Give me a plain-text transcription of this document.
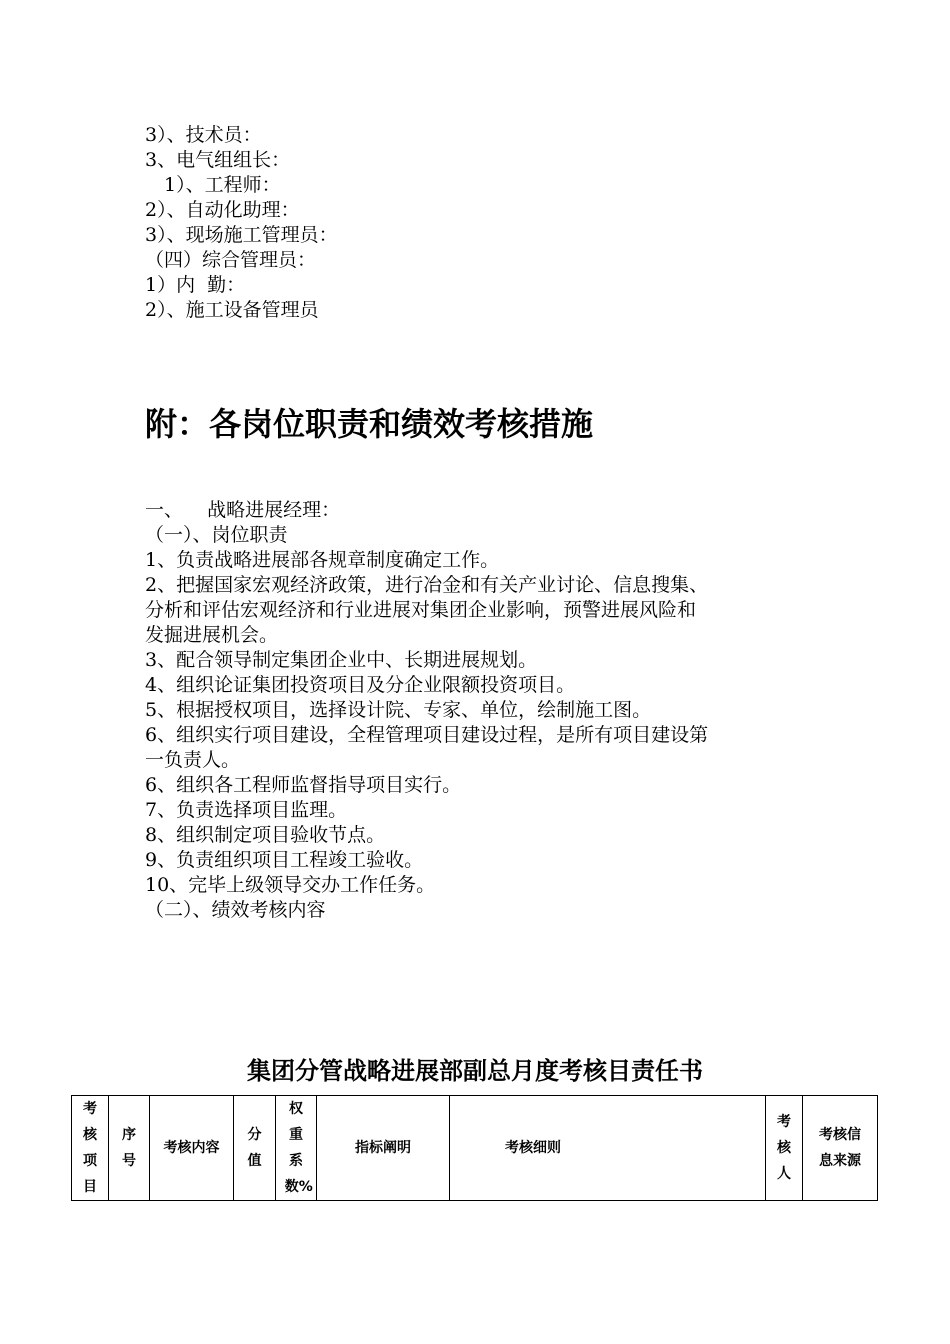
3）、技术员：
3、电气组组长：
　1）、工程师：
2）、自动化助理：
3）、现场施工管理员：
（四）综合管理员：
1）内  勤：
2）、施工设备管理员
附：各岗位职责和绩效考核措施
一、    战略进展经理：
（一）、岗位职责
1、负责战略进展部各规章制度确定工作。
2、把握国家宏观经济政策，进行冶金和有关产业讨论、信息搜集、
分析和评估宏观经济和行业进展对集团企业影响，预警进展风险和
发掘进展机会。
3、配合领导制定集团企业中、长期进展规划。
4、组织论证集团投资项目及分企业限额投资项目。
5、根据授权项目，选择设计院、专家、单位，绘制施工图。
6、组织实行项目建设，全程管理项目建设过程，是所有项目建设第
一负责人。
6、组织各工程师监督指导项目实行。
7、负责选择项目监理。
8、组织制定项目验收节点。
9、负责组织项目工程竣工验收。
10、完毕上级领导交办工作任务。
（二）、绩效考核内容
集团分管战略进展部副总月度考核目责任书
考核项目	序号	考核内容	分值	权重系数%	指标阐明	考核细则	考核人	考核信息来源
